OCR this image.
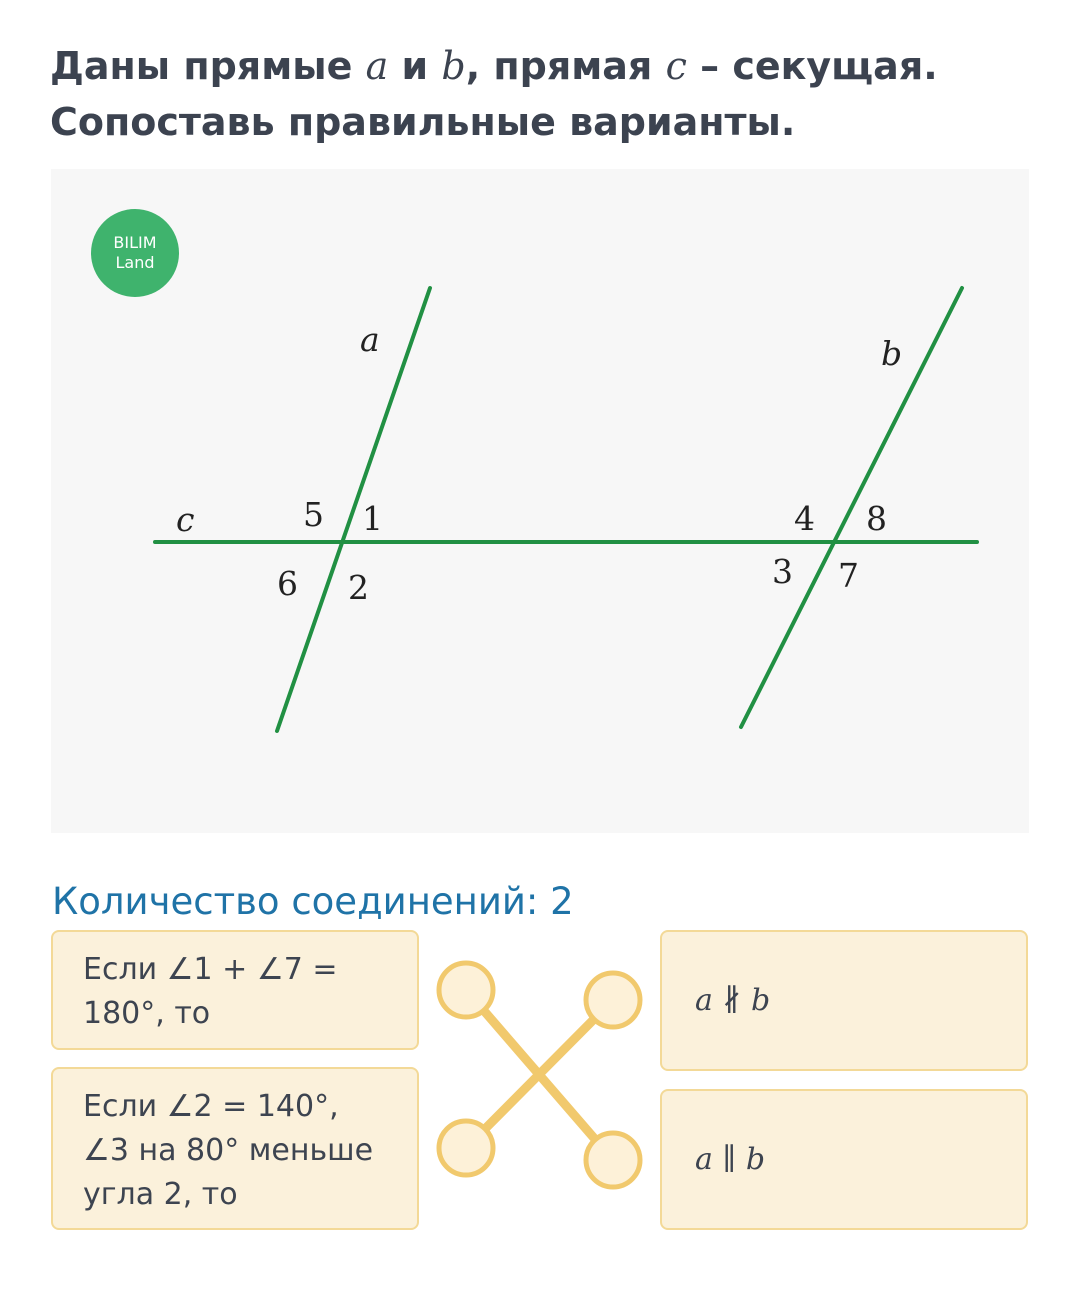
Даны прямые a и b, прямая c – секущая.
Сопоставь правильные варианты.
BILIM
Land
a	b
c	5 1
6 2
4 8
3 7
Количество соединений: 2
Если ∠1 + ∠7 = 180°, то
Если ∠2 = 140°, ∠3 на 80° меньше угла 2, то
a ∦ b
a ∥ b
